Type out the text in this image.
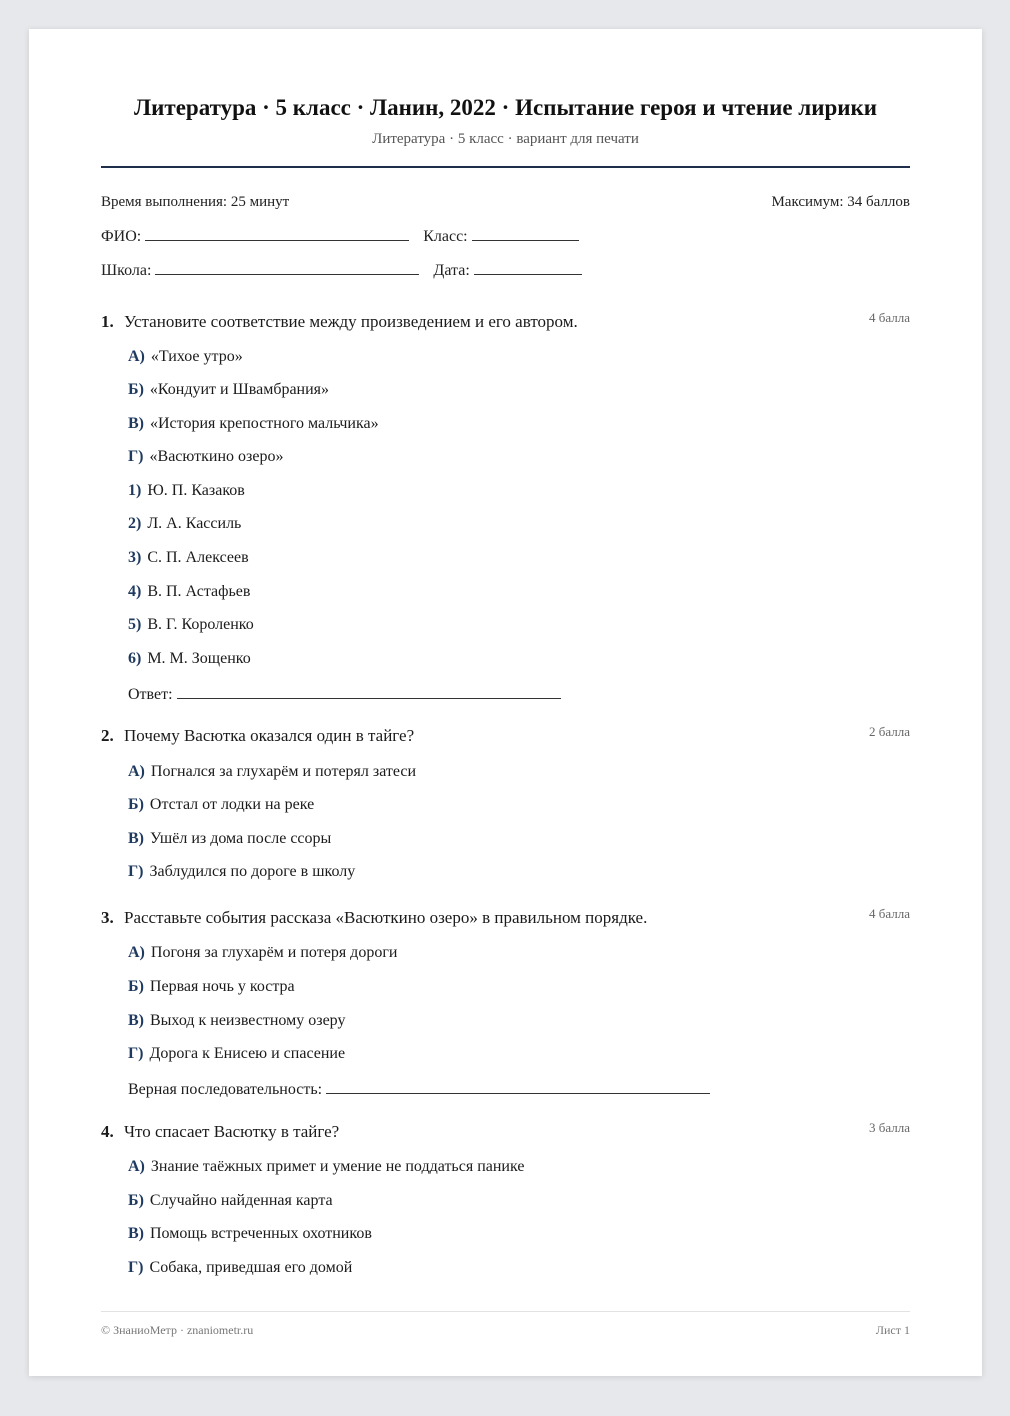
Литература · 5 класс · Ланин, 2022 · Испытание героя и чтение лирики
Литература · 5 класс · вариант для печати
Время выполнения: 25 минут	Максимум: 34 баллов
ФИО:	Класс:
Школа:	Дата:
1. Установите соответствие между произведением и его автором.	4 балла
А) «Тихое утро»
Б) «Кондуит и Швамбрания»
В) «История крепостного мальчика»
Г) «Васюткино озеро»
1) Ю. П. Казаков
2) Л. А. Кассиль
3) С. П. Алексеев
4) В. П. Астафьев
5) В. Г. Короленко
6) М. М. Зощенко
Ответ:
2. Почему Васютка оказался один в тайге?	2 балла
А) Погнался за глухарём и потерял затеси
Б) Отстал от лодки на реке
В) Ушёл из дома после ссоры
Г) Заблудился по дороге в школу
3. Расставьте события рассказа «Васюткино озеро» в правильном порядке.	4 балла
А) Погоня за глухарём и потеря дороги
Б) Первая ночь у костра
В) Выход к неизвестному озеру
Г) Дорога к Енисею и спасение
Верная последовательность:
4. Что спасает Васютку в тайге?	3 балла
А) Знание таёжных примет и умение не поддаться панике
Б) Случайно найденная карта
В) Помощь встреченных охотников
Г) Собака, приведшая его домой
© ЗнаниоМетр · znaniometr.ru	Лист 1
